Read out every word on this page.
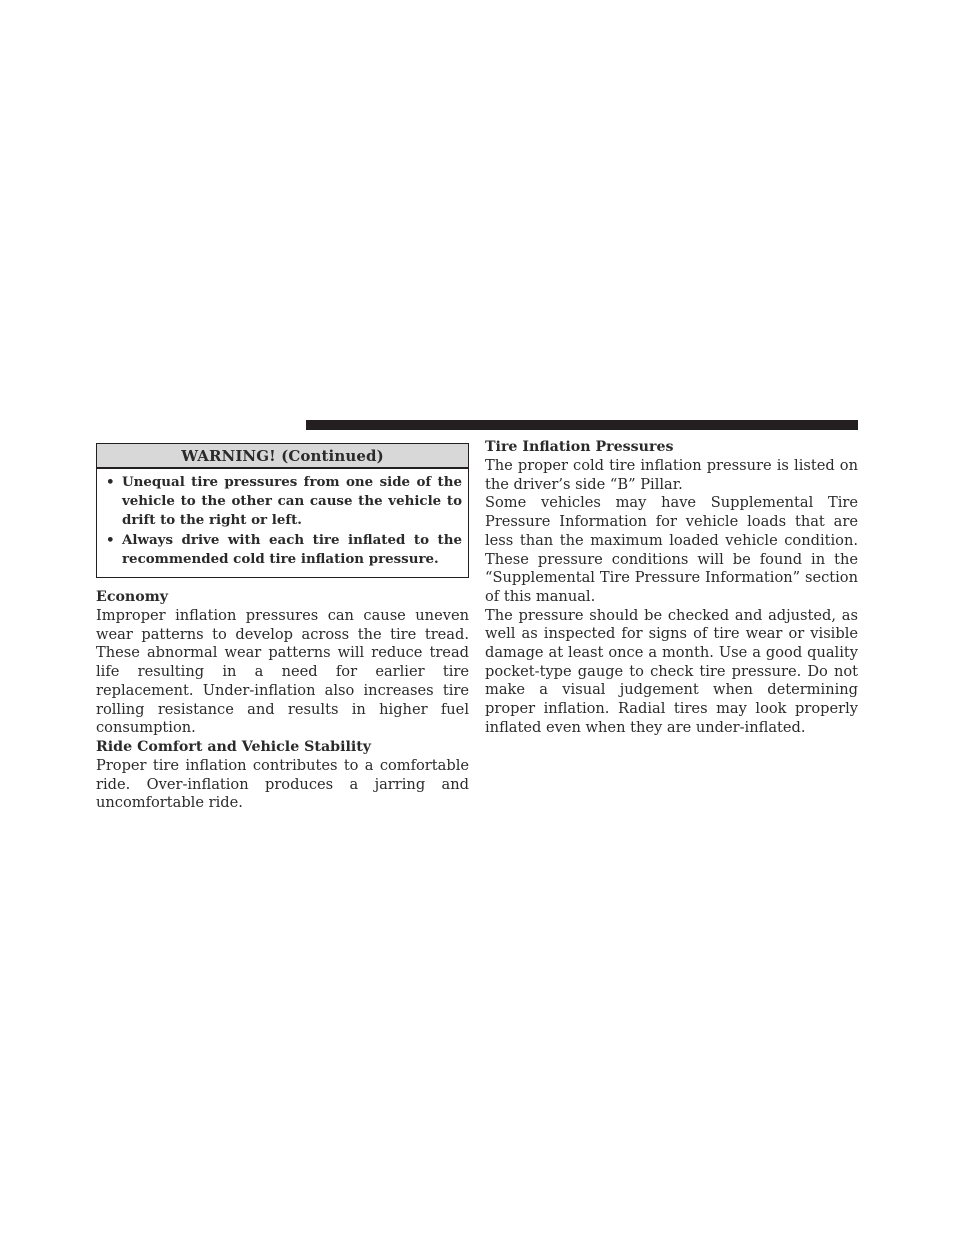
WARNING! (Continued)
• Unequal tire pressures from one side of the vehicle to the other can cause the vehicle to drift to the right or left.
• Always drive with each tire inflated to the recommended cold tire inflation pressure.
Economy

Improper inflation pressures can cause uneven wear patterns to develop across the tire tread. These abnormal wear patterns will reduce tread life resulting in a need for earlier tire replacement. Under-inflation also increases tire rolling resistance and results in higher fuel consumption.

Ride Comfort and Vehicle Stability

Proper tire inflation contributes to a comfortable ride. Over-inflation produces a jarring and uncomfortable ride.

Tire Inflation Pressures

The proper cold tire inflation pressure is listed on the driver’s side “B” Pillar.

Some vehicles may have Supplemental Tire Pressure Information for vehicle loads that are less than the maximum loaded vehicle condition. These pressure conditions will be found in the “Supplemental Tire Pressure Information” section of this manual.

The pressure should be checked and adjusted, as well as inspected for signs of tire wear or visible damage at least once a month. Use a good quality pocket-type gauge to check tire pressure. Do not make a visual judgement when determining proper inflation. Radial tires may look properly inflated even when they are under-inflated.
